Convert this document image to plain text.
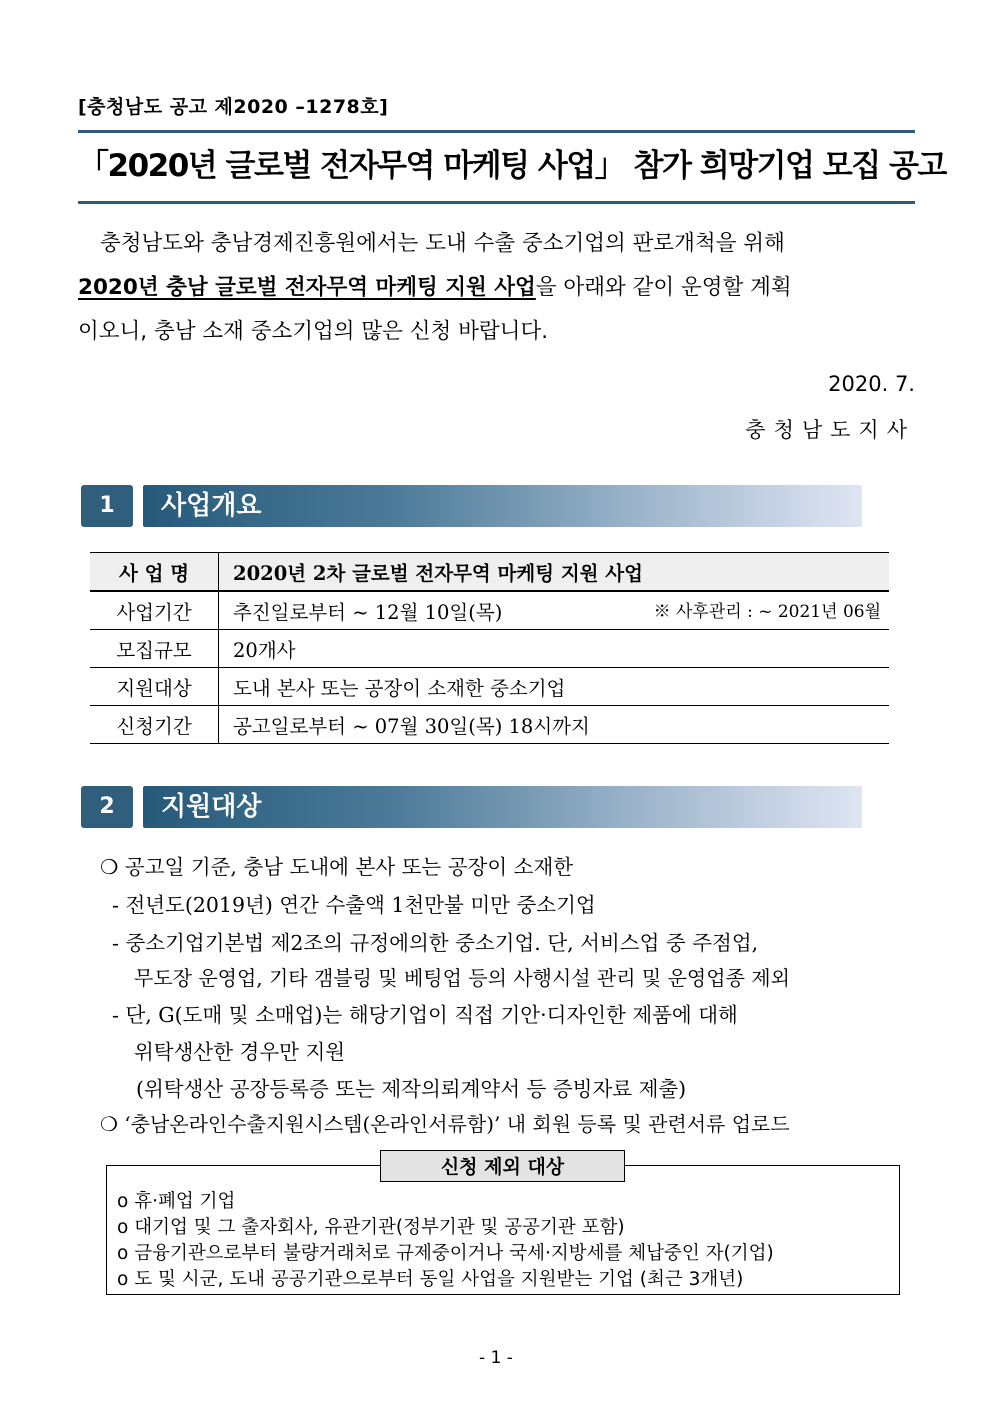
[충청남도 공고 제2020 –1278호]
「2020년 글로벌 전자무역 마케팅 사업」 참가 희망기업 모집 공고

충청남도와 충남경제진흥원에서는 도내 수출 중소기업의 판로개척을 위해

2020년 충남 글로벌 전자무역 마케팅 지원 사업을 아래와 같이 운영할 계획

이오니, 충남 소재 중소기업의 많은 신청 바랍니다.

2020. 7.
충청남도지사
1	사업개요
사 업 명	2020년 2차 글로벌 전자무역 마케팅 지원 사업
사업기간	추진일로부터 ~ 12월 10일(목) ※ 사후관리 : ~ 2021년 06월

모집규모	20개사
지원대상	도내 본사 또는 공장이 소재한 중소기업
신청기간	공고일로부터 ~ 07월 30일(목) 18시까지
2	지원대상
❍ 공고일 기준, 충남 도내에 본사 또는 공장이 소재한
- 전년도(2019년) 연간 수출액 1천만불 미만 중소기업
- 중소기업기본법 제2조의 규정에의한 중소기업. 단, 서비스업 중 주점업,
무도장 운영업, 기타 갬블링 및 베팅업 등의 사행시설 관리 및 운영업종 제외
- 단, G(도매 및 소매업)는 해당기업이 직접 기안·디자인한 제품에 대해
위탁생산한 경우만 지원
(위탁생산 공장등록증 또는 제작의뢰계약서 등 증빙자료 제출)
❍ ‘충남온라인수출지원시스템(온라인서류함)’ 내 회원 등록 및 관련서류 업로드
신청 제외 대상
o 휴·폐업 기업
o 대기업 및 그 출자회사, 유관기관(정부기관 및 공공기관 포함)
o 금융기관으로부터 불량거래처로 규제중이거나 국세·지방세를 체납중인 자(기업)
o 도 및 시군, 도내 공공기관으로부터 동일 사업을 지원받는 기업 (최근 3개년)
- 1 -
